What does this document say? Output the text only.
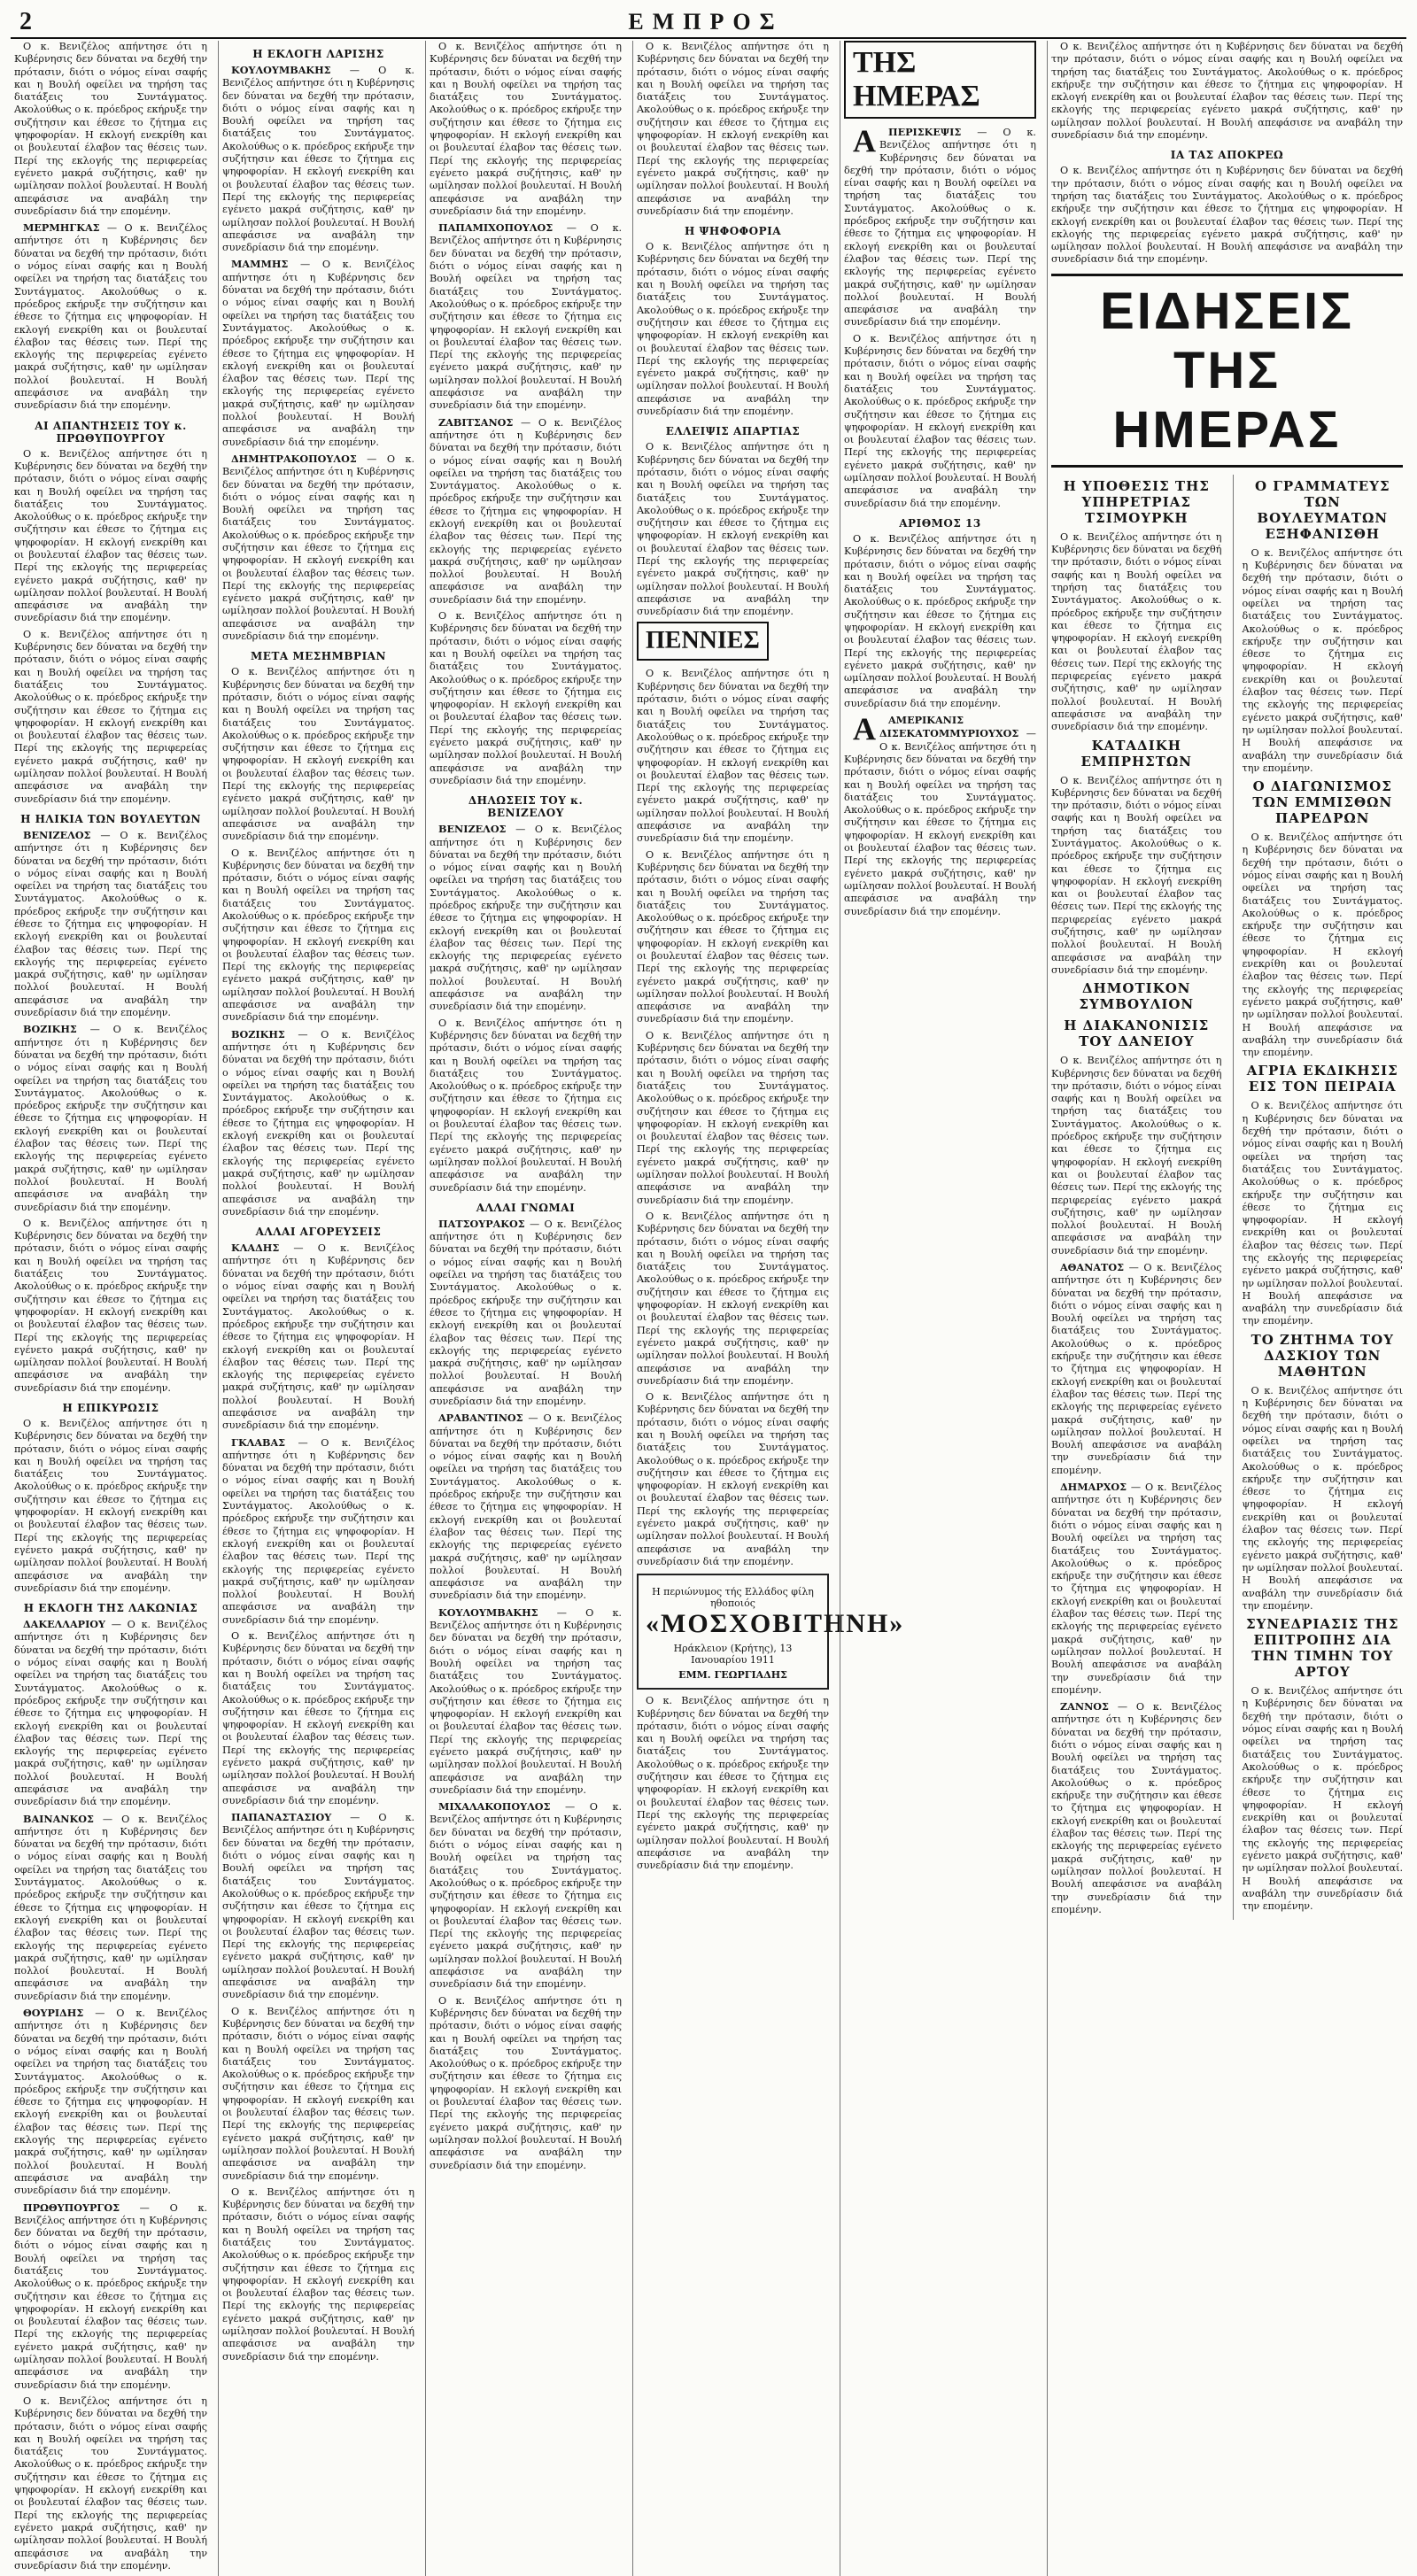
2	ΕΜΠΡΟΣ

Ο κ. Βενιζέλος απήντησε ότι η Κυβέρνησις δεν δύναται να δεχθή την πρότασιν, διότι ο νόμος είναι σαφής και η Βουλή οφείλει να τηρήση τας διατάξεις του Συντάγματος. Ακολούθως ο κ. πρόεδρος εκήρυξε την συζήτησιν και έθεσε το ζήτημα εις ψηφοφορίαν. Η εκλογή ενεκρίθη και οι βουλευταί έλαβον τας θέσεις των. Περί της εκλογής της περιφερείας εγένετο μακρά συζήτησις, καθ' ην ωμίλησαν πολλοί βουλευταί. Η Βουλή απεφάσισε να αναβάλη την συνεδρίασιν διά την επομένην.

ΜΕΡΜΗΓΚΑΣ — Ο κ. Βενιζέλος απήντησε ότι η Κυβέρνησις δεν δύναται να δεχθή την πρότασιν, διότι ο νόμος είναι σαφής και η Βουλή οφείλει να τηρήση τας διατάξεις του Συντάγματος. Ακολούθως ο κ. πρόεδρος εκήρυξε την συζήτησιν και έθεσε το ζήτημα εις ψηφοφορίαν. Η εκλογή ενεκρίθη και οι βουλευταί έλαβον τας θέσεις των. Περί της εκλογής της περιφερείας εγένετο μακρά συζήτησις, καθ' ην ωμίλησαν πολλοί βουλευταί. Η Βουλή απεφάσισε να αναβάλη την συνεδρίασιν διά την επομένην.

ΑΙ ΑΠΑΝΤΗΣΕΙΣ ΤΟΥ κ. ΠΡΩΘΥΠΟΥΡΓΟΥ

Ο κ. Βενιζέλος απήντησε ότι η Κυβέρνησις δεν δύναται να δεχθή την πρότασιν, διότι ο νόμος είναι σαφής και η Βουλή οφείλει να τηρήση τας διατάξεις του Συντάγματος. Ακολούθως ο κ. πρόεδρος εκήρυξε την συζήτησιν και έθεσε το ζήτημα εις ψηφοφορίαν. Η εκλογή ενεκρίθη και οι βουλευταί έλαβον τας θέσεις των. Περί της εκλογής της περιφερείας εγένετο μακρά συζήτησις, καθ' ην ωμίλησαν πολλοί βουλευταί. Η Βουλή απεφάσισε να αναβάλη την συνεδρίασιν διά την επομένην.

Ο κ. Βενιζέλος απήντησε ότι η Κυβέρνησις δεν δύναται να δεχθή την πρότασιν, διότι ο νόμος είναι σαφής και η Βουλή οφείλει να τηρήση τας διατάξεις του Συντάγματος. Ακολούθως ο κ. πρόεδρος εκήρυξε την συζήτησιν και έθεσε το ζήτημα εις ψηφοφορίαν. Η εκλογή ενεκρίθη και οι βουλευταί έλαβον τας θέσεις των. Περί της εκλογής της περιφερείας εγένετο μακρά συζήτησις, καθ' ην ωμίλησαν πολλοί βουλευταί. Η Βουλή απεφάσισε να αναβάλη την συνεδρίασιν διά την επομένην.

Η ΗΛΙΚΙΑ ΤΩΝ ΒΟΥΛΕΥΤΩΝ

ΒΕΝΙΖΕΛΟΣ — Ο κ. Βενιζέλος απήντησε ότι η Κυβέρνησις δεν δύναται να δεχθή την πρότασιν, διότι ο νόμος είναι σαφής και η Βουλή οφείλει να τηρήση τας διατάξεις του Συντάγματος. Ακολούθως ο κ. πρόεδρος εκήρυξε την συζήτησιν και έθεσε το ζήτημα εις ψηφοφορίαν. Η εκλογή ενεκρίθη και οι βουλευταί έλαβον τας θέσεις των. Περί της εκλογής της περιφερείας εγένετο μακρά συζήτησις, καθ' ην ωμίλησαν πολλοί βουλευταί. Η Βουλή απεφάσισε να αναβάλη την συνεδρίασιν διά την επομένην.

ΒΟΖΙΚΗΣ — Ο κ. Βενιζέλος απήντησε ότι η Κυβέρνησις δεν δύναται να δεχθή την πρότασιν, διότι ο νόμος είναι σαφής και η Βουλή οφείλει να τηρήση τας διατάξεις του Συντάγματος. Ακολούθως ο κ. πρόεδρος εκήρυξε την συζήτησιν και έθεσε το ζήτημα εις ψηφοφορίαν. Η εκλογή ενεκρίθη και οι βουλευταί έλαβον τας θέσεις των. Περί της εκλογής της περιφερείας εγένετο μακρά συζήτησις, καθ' ην ωμίλησαν πολλοί βουλευταί. Η Βουλή απεφάσισε να αναβάλη την συνεδρίασιν διά την επομένην.

Ο κ. Βενιζέλος απήντησε ότι η Κυβέρνησις δεν δύναται να δεχθή την πρότασιν, διότι ο νόμος είναι σαφής και η Βουλή οφείλει να τηρήση τας διατάξεις του Συντάγματος. Ακολούθως ο κ. πρόεδρος εκήρυξε την συζήτησιν και έθεσε το ζήτημα εις ψηφοφορίαν. Η εκλογή ενεκρίθη και οι βουλευταί έλαβον τας θέσεις των. Περί της εκλογής της περιφερείας εγένετο μακρά συζήτησις, καθ' ην ωμίλησαν πολλοί βουλευταί. Η Βουλή απεφάσισε να αναβάλη την συνεδρίασιν διά την επομένην.

Η ΕΠΙΚΥΡΩΣΙΣ

Ο κ. Βενιζέλος απήντησε ότι η Κυβέρνησις δεν δύναται να δεχθή την πρότασιν, διότι ο νόμος είναι σαφής και η Βουλή οφείλει να τηρήση τας διατάξεις του Συντάγματος. Ακολούθως ο κ. πρόεδρος εκήρυξε την συζήτησιν και έθεσε το ζήτημα εις ψηφοφορίαν. Η εκλογή ενεκρίθη και οι βουλευταί έλαβον τας θέσεις των. Περί της εκλογής της περιφερείας εγένετο μακρά συζήτησις, καθ' ην ωμίλησαν πολλοί βουλευταί. Η Βουλή απεφάσισε να αναβάλη την συνεδρίασιν διά την επομένην.

Η ΕΚΛΟΓΗ ΤΗΣ ΛΑΚΩΝΙΑΣ

ΔΑΚΕΛΛΑΡΙΟΥ — Ο κ. Βενιζέλος απήντησε ότι η Κυβέρνησις δεν δύναται να δεχθή την πρότασιν, διότι ο νόμος είναι σαφής και η Βουλή οφείλει να τηρήση τας διατάξεις του Συντάγματος. Ακολούθως ο κ. πρόεδρος εκήρυξε την συζήτησιν και έθεσε το ζήτημα εις ψηφοφορίαν. Η εκλογή ενεκρίθη και οι βουλευταί έλαβον τας θέσεις των. Περί της εκλογής της περιφερείας εγένετο μακρά συζήτησις, καθ' ην ωμίλησαν πολλοί βουλευταί. Η Βουλή απεφάσισε να αναβάλη την συνεδρίασιν διά την επομένην.

ΒΑΙΝΑΝΚΟΣ — Ο κ. Βενιζέλος απήντησε ότι η Κυβέρνησις δεν δύναται να δεχθή την πρότασιν, διότι ο νόμος είναι σαφής και η Βουλή οφείλει να τηρήση τας διατάξεις του Συντάγματος. Ακολούθως ο κ. πρόεδρος εκήρυξε την συζήτησιν και έθεσε το ζήτημα εις ψηφοφορίαν. Η εκλογή ενεκρίθη και οι βουλευταί έλαβον τας θέσεις των. Περί της εκλογής της περιφερείας εγένετο μακρά συζήτησις, καθ' ην ωμίλησαν πολλοί βουλευταί. Η Βουλή απεφάσισε να αναβάλη την συνεδρίασιν διά την επομένην.

ΘΟΥΡΙΔΗΣ — Ο κ. Βενιζέλος απήντησε ότι η Κυβέρνησις δεν δύναται να δεχθή την πρότασιν, διότι ο νόμος είναι σαφής και η Βουλή οφείλει να τηρήση τας διατάξεις του Συντάγματος. Ακολούθως ο κ. πρόεδρος εκήρυξε την συζήτησιν και έθεσε το ζήτημα εις ψηφοφορίαν. Η εκλογή ενεκρίθη και οι βουλευταί έλαβον τας θέσεις των. Περί της εκλογής της περιφερείας εγένετο μακρά συζήτησις, καθ' ην ωμίλησαν πολλοί βουλευταί. Η Βουλή απεφάσισε να αναβάλη την συνεδρίασιν διά την επομένην.

ΠΡΩΘΥΠΟΥΡΓΟΣ — Ο κ. Βενιζέλος απήντησε ότι η Κυβέρνησις δεν δύναται να δεχθή την πρότασιν, διότι ο νόμος είναι σαφής και η Βουλή οφείλει να τηρήση τας διατάξεις του Συντάγματος. Ακολούθως ο κ. πρόεδρος εκήρυξε την συζήτησιν και έθεσε το ζήτημα εις ψηφοφορίαν. Η εκλογή ενεκρίθη και οι βουλευταί έλαβον τας θέσεις των. Περί της εκλογής της περιφερείας εγένετο μακρά συζήτησις, καθ' ην ωμίλησαν πολλοί βουλευταί. Η Βουλή απεφάσισε να αναβάλη την συνεδρίασιν διά την επομένην.

Ο κ. Βενιζέλος απήντησε ότι η Κυβέρνησις δεν δύναται να δεχθή την πρότασιν, διότι ο νόμος είναι σαφής και η Βουλή οφείλει να τηρήση τας διατάξεις του Συντάγματος. Ακολούθως ο κ. πρόεδρος εκήρυξε την συζήτησιν και έθεσε το ζήτημα εις ψηφοφορίαν. Η εκλογή ενεκρίθη και οι βουλευταί έλαβον τας θέσεις των. Περί της εκλογής της περιφερείας εγένετο μακρά συζήτησις, καθ' ην ωμίλησαν πολλοί βουλευταί. Η Βουλή απεφάσισε να αναβάλη την συνεδρίασιν διά την επομένην.

Η ΕΚΛΟΓΗ ΛΑΡΙΣΗΣ

ΚΟΥΛΟΥΜΒΑΚΗΣ — Ο κ. Βενιζέλος απήντησε ότι η Κυβέρνησις δεν δύναται να δεχθή την πρότασιν, διότι ο νόμος είναι σαφής και η Βουλή οφείλει να τηρήση τας διατάξεις του Συντάγματος. Ακολούθως ο κ. πρόεδρος εκήρυξε την συζήτησιν και έθεσε το ζήτημα εις ψηφοφορίαν. Η εκλογή ενεκρίθη και οι βουλευταί έλαβον τας θέσεις των. Περί της εκλογής της περιφερείας εγένετο μακρά συζήτησις, καθ' ην ωμίλησαν πολλοί βουλευταί. Η Βουλή απεφάσισε να αναβάλη την συνεδρίασιν διά την επομένην.

ΜΑΜΜΗΣ — Ο κ. Βενιζέλος απήντησε ότι η Κυβέρνησις δεν δύναται να δεχθή την πρότασιν, διότι ο νόμος είναι σαφής και η Βουλή οφείλει να τηρήση τας διατάξεις του Συντάγματος. Ακολούθως ο κ. πρόεδρος εκήρυξε την συζήτησιν και έθεσε το ζήτημα εις ψηφοφορίαν. Η εκλογή ενεκρίθη και οι βουλευταί έλαβον τας θέσεις των. Περί της εκλογής της περιφερείας εγένετο μακρά συζήτησις, καθ' ην ωμίλησαν πολλοί βουλευταί. Η Βουλή απεφάσισε να αναβάλη την συνεδρίασιν διά την επομένην.

ΔΗΜΗΤΡΑΚΟΠΟΥΛΟΣ — Ο κ. Βενιζέλος απήντησε ότι η Κυβέρνησις δεν δύναται να δεχθή την πρότασιν, διότι ο νόμος είναι σαφής και η Βουλή οφείλει να τηρήση τας διατάξεις του Συντάγματος. Ακολούθως ο κ. πρόεδρος εκήρυξε την συζήτησιν και έθεσε το ζήτημα εις ψηφοφορίαν. Η εκλογή ενεκρίθη και οι βουλευταί έλαβον τας θέσεις των. Περί της εκλογής της περιφερείας εγένετο μακρά συζήτησις, καθ' ην ωμίλησαν πολλοί βουλευταί. Η Βουλή απεφάσισε να αναβάλη την συνεδρίασιν διά την επομένην.

ΜΕΤΑ ΜΕΣΗΜΒΡΙΑΝ

Ο κ. Βενιζέλος απήντησε ότι η Κυβέρνησις δεν δύναται να δεχθή την πρότασιν, διότι ο νόμος είναι σαφής και η Βουλή οφείλει να τηρήση τας διατάξεις του Συντάγματος. Ακολούθως ο κ. πρόεδρος εκήρυξε την συζήτησιν και έθεσε το ζήτημα εις ψηφοφορίαν. Η εκλογή ενεκρίθη και οι βουλευταί έλαβον τας θέσεις των. Περί της εκλογής της περιφερείας εγένετο μακρά συζήτησις, καθ' ην ωμίλησαν πολλοί βουλευταί. Η Βουλή απεφάσισε να αναβάλη την συνεδρίασιν διά την επομένην.

Ο κ. Βενιζέλος απήντησε ότι η Κυβέρνησις δεν δύναται να δεχθή την πρότασιν, διότι ο νόμος είναι σαφής και η Βουλή οφείλει να τηρήση τας διατάξεις του Συντάγματος. Ακολούθως ο κ. πρόεδρος εκήρυξε την συζήτησιν και έθεσε το ζήτημα εις ψηφοφορίαν. Η εκλογή ενεκρίθη και οι βουλευταί έλαβον τας θέσεις των. Περί της εκλογής της περιφερείας εγένετο μακρά συζήτησις, καθ' ην ωμίλησαν πολλοί βουλευταί. Η Βουλή απεφάσισε να αναβάλη την συνεδρίασιν διά την επομένην.

ΒΟΖΙΚΗΣ — Ο κ. Βενιζέλος απήντησε ότι η Κυβέρνησις δεν δύναται να δεχθή την πρότασιν, διότι ο νόμος είναι σαφής και η Βουλή οφείλει να τηρήση τας διατάξεις του Συντάγματος. Ακολούθως ο κ. πρόεδρος εκήρυξε την συζήτησιν και έθεσε το ζήτημα εις ψηφοφορίαν. Η εκλογή ενεκρίθη και οι βουλευταί έλαβον τας θέσεις των. Περί της εκλογής της περιφερείας εγένετο μακρά συζήτησις, καθ' ην ωμίλησαν πολλοί βουλευταί. Η Βουλή απεφάσισε να αναβάλη την συνεδρίασιν διά την επομένην.

ΑΛΛΑΙ ΑΓΟΡΕΥΣΕΙΣ

ΚΛΑΔΗΣ — Ο κ. Βενιζέλος απήντησε ότι η Κυβέρνησις δεν δύναται να δεχθή την πρότασιν, διότι ο νόμος είναι σαφής και η Βουλή οφείλει να τηρήση τας διατάξεις του Συντάγματος. Ακολούθως ο κ. πρόεδρος εκήρυξε την συζήτησιν και έθεσε το ζήτημα εις ψηφοφορίαν. Η εκλογή ενεκρίθη και οι βουλευταί έλαβον τας θέσεις των. Περί της εκλογής της περιφερείας εγένετο μακρά συζήτησις, καθ' ην ωμίλησαν πολλοί βουλευταί. Η Βουλή απεφάσισε να αναβάλη την συνεδρίασιν διά την επομένην.

ΓΚΛΑΒΑΣ — Ο κ. Βενιζέλος απήντησε ότι η Κυβέρνησις δεν δύναται να δεχθή την πρότασιν, διότι ο νόμος είναι σαφής και η Βουλή οφείλει να τηρήση τας διατάξεις του Συντάγματος. Ακολούθως ο κ. πρόεδρος εκήρυξε την συζήτησιν και έθεσε το ζήτημα εις ψηφοφορίαν. Η εκλογή ενεκρίθη και οι βουλευταί έλαβον τας θέσεις των. Περί της εκλογής της περιφερείας εγένετο μακρά συζήτησις, καθ' ην ωμίλησαν πολλοί βουλευταί. Η Βουλή απεφάσισε να αναβάλη την συνεδρίασιν διά την επομένην.

Ο κ. Βενιζέλος απήντησε ότι η Κυβέρνησις δεν δύναται να δεχθή την πρότασιν, διότι ο νόμος είναι σαφής και η Βουλή οφείλει να τηρήση τας διατάξεις του Συντάγματος. Ακολούθως ο κ. πρόεδρος εκήρυξε την συζήτησιν και έθεσε το ζήτημα εις ψηφοφορίαν. Η εκλογή ενεκρίθη και οι βουλευταί έλαβον τας θέσεις των. Περί της εκλογής της περιφερείας εγένετο μακρά συζήτησις, καθ' ην ωμίλησαν πολλοί βουλευταί. Η Βουλή απεφάσισε να αναβάλη την συνεδρίασιν διά την επομένην.

ΠΑΠΑΝΑΣΤΑΣΙΟΥ — Ο κ. Βενιζέλος απήντησε ότι η Κυβέρνησις δεν δύναται να δεχθή την πρότασιν, διότι ο νόμος είναι σαφής και η Βουλή οφείλει να τηρήση τας διατάξεις του Συντάγματος. Ακολούθως ο κ. πρόεδρος εκήρυξε την συζήτησιν και έθεσε το ζήτημα εις ψηφοφορίαν. Η εκλογή ενεκρίθη και οι βουλευταί έλαβον τας θέσεις των. Περί της εκλογής της περιφερείας εγένετο μακρά συζήτησις, καθ' ην ωμίλησαν πολλοί βουλευταί. Η Βουλή απεφάσισε να αναβάλη την συνεδρίασιν διά την επομένην.

Ο κ. Βενιζέλος απήντησε ότι η Κυβέρνησις δεν δύναται να δεχθή την πρότασιν, διότι ο νόμος είναι σαφής και η Βουλή οφείλει να τηρήση τας διατάξεις του Συντάγματος. Ακολούθως ο κ. πρόεδρος εκήρυξε την συζήτησιν και έθεσε το ζήτημα εις ψηφοφορίαν. Η εκλογή ενεκρίθη και οι βουλευταί έλαβον τας θέσεις των. Περί της εκλογής της περιφερείας εγένετο μακρά συζήτησις, καθ' ην ωμίλησαν πολλοί βουλευταί. Η Βουλή απεφάσισε να αναβάλη την συνεδρίασιν διά την επομένην.

Ο κ. Βενιζέλος απήντησε ότι η Κυβέρνησις δεν δύναται να δεχθή την πρότασιν, διότι ο νόμος είναι σαφής και η Βουλή οφείλει να τηρήση τας διατάξεις του Συντάγματος. Ακολούθως ο κ. πρόεδρος εκήρυξε την συζήτησιν και έθεσε το ζήτημα εις ψηφοφορίαν. Η εκλογή ενεκρίθη και οι βουλευταί έλαβον τας θέσεις των. Περί της εκλογής της περιφερείας εγένετο μακρά συζήτησις, καθ' ην ωμίλησαν πολλοί βουλευταί. Η Βουλή απεφάσισε να αναβάλη την συνεδρίασιν διά την επομένην.

Ο κ. Βενιζέλος απήντησε ότι η Κυβέρνησις δεν δύναται να δεχθή την πρότασιν, διότι ο νόμος είναι σαφής και η Βουλή οφείλει να τηρήση τας διατάξεις του Συντάγματος. Ακολούθως ο κ. πρόεδρος εκήρυξε την συζήτησιν και έθεσε το ζήτημα εις ψηφοφορίαν. Η εκλογή ενεκρίθη και οι βουλευταί έλαβον τας θέσεις των. Περί της εκλογής της περιφερείας εγένετο μακρά συζήτησις, καθ' ην ωμίλησαν πολλοί βουλευταί. Η Βουλή απεφάσισε να αναβάλη την συνεδρίασιν διά την επομένην.

ΠΑΠΑΜΙΧΟΠΟΥΛΟΣ — Ο κ. Βενιζέλος απήντησε ότι η Κυβέρνησις δεν δύναται να δεχθή την πρότασιν, διότι ο νόμος είναι σαφής και η Βουλή οφείλει να τηρήση τας διατάξεις του Συντάγματος. Ακολούθως ο κ. πρόεδρος εκήρυξε την συζήτησιν και έθεσε το ζήτημα εις ψηφοφορίαν. Η εκλογή ενεκρίθη και οι βουλευταί έλαβον τας θέσεις των. Περί της εκλογής της περιφερείας εγένετο μακρά συζήτησις, καθ' ην ωμίλησαν πολλοί βουλευταί. Η Βουλή απεφάσισε να αναβάλη την συνεδρίασιν διά την επομένην.

ΖΑΒΙΤΣΑΝΟΣ — Ο κ. Βενιζέλος απήντησε ότι η Κυβέρνησις δεν δύναται να δεχθή την πρότασιν, διότι ο νόμος είναι σαφής και η Βουλή οφείλει να τηρήση τας διατάξεις του Συντάγματος. Ακολούθως ο κ. πρόεδρος εκήρυξε την συζήτησιν και έθεσε το ζήτημα εις ψηφοφορίαν. Η εκλογή ενεκρίθη και οι βουλευταί έλαβον τας θέσεις των. Περί της εκλογής της περιφερείας εγένετο μακρά συζήτησις, καθ' ην ωμίλησαν πολλοί βουλευταί. Η Βουλή απεφάσισε να αναβάλη την συνεδρίασιν διά την επομένην.

Ο κ. Βενιζέλος απήντησε ότι η Κυβέρνησις δεν δύναται να δεχθή την πρότασιν, διότι ο νόμος είναι σαφής και η Βουλή οφείλει να τηρήση τας διατάξεις του Συντάγματος. Ακολούθως ο κ. πρόεδρος εκήρυξε την συζήτησιν και έθεσε το ζήτημα εις ψηφοφορίαν. Η εκλογή ενεκρίθη και οι βουλευταί έλαβον τας θέσεις των. Περί της εκλογής της περιφερείας εγένετο μακρά συζήτησις, καθ' ην ωμίλησαν πολλοί βουλευταί. Η Βουλή απεφάσισε να αναβάλη την συνεδρίασιν διά την επομένην.

ΔΗΛΩΣΕΙΣ ΤΟΥ κ. ΒΕΝΙΖΕΛΟΥ

ΒΕΝΙΖΕΛΟΣ — Ο κ. Βενιζέλος απήντησε ότι η Κυβέρνησις δεν δύναται να δεχθή την πρότασιν, διότι ο νόμος είναι σαφής και η Βουλή οφείλει να τηρήση τας διατάξεις του Συντάγματος. Ακολούθως ο κ. πρόεδρος εκήρυξε την συζήτησιν και έθεσε το ζήτημα εις ψηφοφορίαν. Η εκλογή ενεκρίθη και οι βουλευταί έλαβον τας θέσεις των. Περί της εκλογής της περιφερείας εγένετο μακρά συζήτησις, καθ' ην ωμίλησαν πολλοί βουλευταί. Η Βουλή απεφάσισε να αναβάλη την συνεδρίασιν διά την επομένην.

Ο κ. Βενιζέλος απήντησε ότι η Κυβέρνησις δεν δύναται να δεχθή την πρότασιν, διότι ο νόμος είναι σαφής και η Βουλή οφείλει να τηρήση τας διατάξεις του Συντάγματος. Ακολούθως ο κ. πρόεδρος εκήρυξε την συζήτησιν και έθεσε το ζήτημα εις ψηφοφορίαν. Η εκλογή ενεκρίθη και οι βουλευταί έλαβον τας θέσεις των. Περί της εκλογής της περιφερείας εγένετο μακρά συζήτησις, καθ' ην ωμίλησαν πολλοί βουλευταί. Η Βουλή απεφάσισε να αναβάλη την συνεδρίασιν διά την επομένην.

ΑΛΛΑΙ ΓΝΩΜΑΙ

ΠΑΤΣΟΥΡΑΚΟΣ — Ο κ. Βενιζέλος απήντησε ότι η Κυβέρνησις δεν δύναται να δεχθή την πρότασιν, διότι ο νόμος είναι σαφής και η Βουλή οφείλει να τηρήση τας διατάξεις του Συντάγματος. Ακολούθως ο κ. πρόεδρος εκήρυξε την συζήτησιν και έθεσε το ζήτημα εις ψηφοφορίαν. Η εκλογή ενεκρίθη και οι βουλευταί έλαβον τας θέσεις των. Περί της εκλογής της περιφερείας εγένετο μακρά συζήτησις, καθ' ην ωμίλησαν πολλοί βουλευταί. Η Βουλή απεφάσισε να αναβάλη την συνεδρίασιν διά την επομένην.

ΑΡΑΒΑΝΤΙΝΟΣ — Ο κ. Βενιζέλος απήντησε ότι η Κυβέρνησις δεν δύναται να δεχθή την πρότασιν, διότι ο νόμος είναι σαφής και η Βουλή οφείλει να τηρήση τας διατάξεις του Συντάγματος. Ακολούθως ο κ. πρόεδρος εκήρυξε την συζήτησιν και έθεσε το ζήτημα εις ψηφοφορίαν. Η εκλογή ενεκρίθη και οι βουλευταί έλαβον τας θέσεις των. Περί της εκλογής της περιφερείας εγένετο μακρά συζήτησις, καθ' ην ωμίλησαν πολλοί βουλευταί. Η Βουλή απεφάσισε να αναβάλη την συνεδρίασιν διά την επομένην.

ΚΟΥΛΟΥΜΒΑΚΗΣ — Ο κ. Βενιζέλος απήντησε ότι η Κυβέρνησις δεν δύναται να δεχθή την πρότασιν, διότι ο νόμος είναι σαφής και η Βουλή οφείλει να τηρήση τας διατάξεις του Συντάγματος. Ακολούθως ο κ. πρόεδρος εκήρυξε την συζήτησιν και έθεσε το ζήτημα εις ψηφοφορίαν. Η εκλογή ενεκρίθη και οι βουλευταί έλαβον τας θέσεις των. Περί της εκλογής της περιφερείας εγένετο μακρά συζήτησις, καθ' ην ωμίλησαν πολλοί βουλευταί. Η Βουλή απεφάσισε να αναβάλη την συνεδρίασιν διά την επομένην.

ΜΙΧΑΛΑΚΟΠΟΥΛΟΣ — Ο κ. Βενιζέλος απήντησε ότι η Κυβέρνησις δεν δύναται να δεχθή την πρότασιν, διότι ο νόμος είναι σαφής και η Βουλή οφείλει να τηρήση τας διατάξεις του Συντάγματος. Ακολούθως ο κ. πρόεδρος εκήρυξε την συζήτησιν και έθεσε το ζήτημα εις ψηφοφορίαν. Η εκλογή ενεκρίθη και οι βουλευταί έλαβον τας θέσεις των. Περί της εκλογής της περιφερείας εγένετο μακρά συζήτησις, καθ' ην ωμίλησαν πολλοί βουλευταί. Η Βουλή απεφάσισε να αναβάλη την συνεδρίασιν διά την επομένην.

Ο κ. Βενιζέλος απήντησε ότι η Κυβέρνησις δεν δύναται να δεχθή την πρότασιν, διότι ο νόμος είναι σαφής και η Βουλή οφείλει να τηρήση τας διατάξεις του Συντάγματος. Ακολούθως ο κ. πρόεδρος εκήρυξε την συζήτησιν και έθεσε το ζήτημα εις ψηφοφορίαν. Η εκλογή ενεκρίθη και οι βουλευταί έλαβον τας θέσεις των. Περί της εκλογής της περιφερείας εγένετο μακρά συζήτησις, καθ' ην ωμίλησαν πολλοί βουλευταί. Η Βουλή απεφάσισε να αναβάλη την συνεδρίασιν διά την επομένην.

Ο κ. Βενιζέλος απήντησε ότι η Κυβέρνησις δεν δύναται να δεχθή την πρότασιν, διότι ο νόμος είναι σαφής και η Βουλή οφείλει να τηρήση τας διατάξεις του Συντάγματος. Ακολούθως ο κ. πρόεδρος εκήρυξε την συζήτησιν και έθεσε το ζήτημα εις ψηφοφορίαν. Η εκλογή ενεκρίθη και οι βουλευταί έλαβον τας θέσεις των. Περί της εκλογής της περιφερείας εγένετο μακρά συζήτησις, καθ' ην ωμίλησαν πολλοί βουλευταί. Η Βουλή απεφάσισε να αναβάλη την συνεδρίασιν διά την επομένην.

Η ΨΗΦΟΦΟΡΙΑ

Ο κ. Βενιζέλος απήντησε ότι η Κυβέρνησις δεν δύναται να δεχθή την πρότασιν, διότι ο νόμος είναι σαφής και η Βουλή οφείλει να τηρήση τας διατάξεις του Συντάγματος. Ακολούθως ο κ. πρόεδρος εκήρυξε την συζήτησιν και έθεσε το ζήτημα εις ψηφοφορίαν. Η εκλογή ενεκρίθη και οι βουλευταί έλαβον τας θέσεις των. Περί της εκλογής της περιφερείας εγένετο μακρά συζήτησις, καθ' ην ωμίλησαν πολλοί βουλευταί. Η Βουλή απεφάσισε να αναβάλη την συνεδρίασιν διά την επομένην.

ΕΛΛΕΙΨΙΣ ΑΠΑΡΤΙΑΣ

Ο κ. Βενιζέλος απήντησε ότι η Κυβέρνησις δεν δύναται να δεχθή την πρότασιν, διότι ο νόμος είναι σαφής και η Βουλή οφείλει να τηρήση τας διατάξεις του Συντάγματος. Ακολούθως ο κ. πρόεδρος εκήρυξε την συζήτησιν και έθεσε το ζήτημα εις ψηφοφορίαν. Η εκλογή ενεκρίθη και οι βουλευταί έλαβον τας θέσεις των. Περί της εκλογής της περιφερείας εγένετο μακρά συζήτησις, καθ' ην ωμίλησαν πολλοί βουλευταί. Η Βουλή απεφάσισε να αναβάλη την συνεδρίασιν διά την επομένην.

ΠΕΝΝΙΕΣ

Ο κ. Βενιζέλος απήντησε ότι η Κυβέρνησις δεν δύναται να δεχθή την πρότασιν, διότι ο νόμος είναι σαφής και η Βουλή οφείλει να τηρήση τας διατάξεις του Συντάγματος. Ακολούθως ο κ. πρόεδρος εκήρυξε την συζήτησιν και έθεσε το ζήτημα εις ψηφοφορίαν. Η εκλογή ενεκρίθη και οι βουλευταί έλαβον τας θέσεις των. Περί της εκλογής της περιφερείας εγένετο μακρά συζήτησις, καθ' ην ωμίλησαν πολλοί βουλευταί. Η Βουλή απεφάσισε να αναβάλη την συνεδρίασιν διά την επομένην.

Ο κ. Βενιζέλος απήντησε ότι η Κυβέρνησις δεν δύναται να δεχθή την πρότασιν, διότι ο νόμος είναι σαφής και η Βουλή οφείλει να τηρήση τας διατάξεις του Συντάγματος. Ακολούθως ο κ. πρόεδρος εκήρυξε την συζήτησιν και έθεσε το ζήτημα εις ψηφοφορίαν. Η εκλογή ενεκρίθη και οι βουλευταί έλαβον τας θέσεις των. Περί της εκλογής της περιφερείας εγένετο μακρά συζήτησις, καθ' ην ωμίλησαν πολλοί βουλευταί. Η Βουλή απεφάσισε να αναβάλη την συνεδρίασιν διά την επομένην.

Ο κ. Βενιζέλος απήντησε ότι η Κυβέρνησις δεν δύναται να δεχθή την πρότασιν, διότι ο νόμος είναι σαφής και η Βουλή οφείλει να τηρήση τας διατάξεις του Συντάγματος. Ακολούθως ο κ. πρόεδρος εκήρυξε την συζήτησιν και έθεσε το ζήτημα εις ψηφοφορίαν. Η εκλογή ενεκρίθη και οι βουλευταί έλαβον τας θέσεις των. Περί της εκλογής της περιφερείας εγένετο μακρά συζήτησις, καθ' ην ωμίλησαν πολλοί βουλευταί. Η Βουλή απεφάσισε να αναβάλη την συνεδρίασιν διά την επομένην.

Ο κ. Βενιζέλος απήντησε ότι η Κυβέρνησις δεν δύναται να δεχθή την πρότασιν, διότι ο νόμος είναι σαφής και η Βουλή οφείλει να τηρήση τας διατάξεις του Συντάγματος. Ακολούθως ο κ. πρόεδρος εκήρυξε την συζήτησιν και έθεσε το ζήτημα εις ψηφοφορίαν. Η εκλογή ενεκρίθη και οι βουλευταί έλαβον τας θέσεις των. Περί της εκλογής της περιφερείας εγένετο μακρά συζήτησις, καθ' ην ωμίλησαν πολλοί βουλευταί. Η Βουλή απεφάσισε να αναβάλη την συνεδρίασιν διά την επομένην.

Ο κ. Βενιζέλος απήντησε ότι η Κυβέρνησις δεν δύναται να δεχθή την πρότασιν, διότι ο νόμος είναι σαφής και η Βουλή οφείλει να τηρήση τας διατάξεις του Συντάγματος. Ακολούθως ο κ. πρόεδρος εκήρυξε την συζήτησιν και έθεσε το ζήτημα εις ψηφοφορίαν. Η εκλογή ενεκρίθη και οι βουλευταί έλαβον τας θέσεις των. Περί της εκλογής της περιφερείας εγένετο μακρά συζήτησις, καθ' ην ωμίλησαν πολλοί βουλευταί. Η Βουλή απεφάσισε να αναβάλη την συνεδρίασιν διά την επομένην.

Η περιώνυμος τής Ελλάδος φίλη ηθοποιός
«ΜΟΣΧΟΒΙΤΗΝΗ»
Ηράκλειον (Κρήτης), 13 Ιανουαρίου 1911
ΕΜΜ. ΓΕΩΡΓΙΑΔΗΣ

Ο κ. Βενιζέλος απήντησε ότι η Κυβέρνησις δεν δύναται να δεχθή την πρότασιν, διότι ο νόμος είναι σαφής και η Βουλή οφείλει να τηρήση τας διατάξεις του Συντάγματος. Ακολούθως ο κ. πρόεδρος εκήρυξε την συζήτησιν και έθεσε το ζήτημα εις ψηφοφορίαν. Η εκλογή ενεκρίθη και οι βουλευταί έλαβον τας θέσεις των. Περί της εκλογής της περιφερείας εγένετο μακρά συζήτησις, καθ' ην ωμίλησαν πολλοί βουλευταί. Η Βουλή απεφάσισε να αναβάλη την συνεδρίασιν διά την επομένην.

ΤΗΣ ΗΜΕΡΑΣ

Α ΠΕΡΙΣΚΕΨΙΣ — Ο κ. Βενιζέλος απήντησε ότι η Κυβέρνησις δεν δύναται να δεχθή την πρότασιν, διότι ο νόμος είναι σαφής και η Βουλή οφείλει να τηρήση τας διατάξεις του Συντάγματος. Ακολούθως ο κ. πρόεδρος εκήρυξε την συζήτησιν και έθεσε το ζήτημα εις ψηφοφορίαν. Η εκλογή ενεκρίθη και οι βουλευταί έλαβον τας θέσεις των. Περί της εκλογής της περιφερείας εγένετο μακρά συζήτησις, καθ' ην ωμίλησαν πολλοί βουλευταί. Η Βουλή απεφάσισε να αναβάλη την συνεδρίασιν διά την επομένην.

Ο κ. Βενιζέλος απήντησε ότι η Κυβέρνησις δεν δύναται να δεχθή την πρότασιν, διότι ο νόμος είναι σαφής και η Βουλή οφείλει να τηρήση τας διατάξεις του Συντάγματος. Ακολούθως ο κ. πρόεδρος εκήρυξε την συζήτησιν και έθεσε το ζήτημα εις ψηφοφορίαν. Η εκλογή ενεκρίθη και οι βουλευταί έλαβον τας θέσεις των. Περί της εκλογής της περιφερείας εγένετο μακρά συζήτησις, καθ' ην ωμίλησαν πολλοί βουλευταί. Η Βουλή απεφάσισε να αναβάλη την συνεδρίασιν διά την επομένην.

ΑΡΙΘΜΟΣ 13

Ο κ. Βενιζέλος απήντησε ότι η Κυβέρνησις δεν δύναται να δεχθή την πρότασιν, διότι ο νόμος είναι σαφής και η Βουλή οφείλει να τηρήση τας διατάξεις του Συντάγματος. Ακολούθως ο κ. πρόεδρος εκήρυξε την συζήτησιν και έθεσε το ζήτημα εις ψηφοφορίαν. Η εκλογή ενεκρίθη και οι βουλευταί έλαβον τας θέσεις των. Περί της εκλογής της περιφερείας εγένετο μακρά συζήτησις, καθ' ην ωμίλησαν πολλοί βουλευταί. Η Βουλή απεφάσισε να αναβάλη την συνεδρίασιν διά την επομένην.

Α ΑΜΕΡΙΚΑΝΙΣ ΔΙΣΕΚΑΤΟΜΜΥΡΙΟΥΧΟΣ — Ο κ. Βενιζέλος απήντησε ότι η Κυβέρνησις δεν δύναται να δεχθή την πρότασιν, διότι ο νόμος είναι σαφής και η Βουλή οφείλει να τηρήση τας διατάξεις του Συντάγματος. Ακολούθως ο κ. πρόεδρος εκήρυξε την συζήτησιν και έθεσε το ζήτημα εις ψηφοφορίαν. Η εκλογή ενεκρίθη και οι βουλευταί έλαβον τας θέσεις των. Περί της εκλογής της περιφερείας εγένετο μακρά συζήτησις, καθ' ην ωμίλησαν πολλοί βουλευταί. Η Βουλή απεφάσισε να αναβάλη την συνεδρίασιν διά την επομένην.

Ο κ. Βενιζέλος απήντησε ότι η Κυβέρνησις δεν δύναται να δεχθή την πρότασιν, διότι ο νόμος είναι σαφής και η Βουλή οφείλει να τηρήση τας διατάξεις του Συντάγματος. Ακολούθως ο κ. πρόεδρος εκήρυξε την συζήτησιν και έθεσε το ζήτημα εις ψηφοφορίαν. Η εκλογή ενεκρίθη και οι βουλευταί έλαβον τας θέσεις των. Περί της εκλογής της περιφερείας εγένετο μακρά συζήτησις, καθ' ην ωμίλησαν πολλοί βουλευταί. Η Βουλή απεφάσισε να αναβάλη την συνεδρίασιν διά την επομένην.

ΙΑ ΤΑΣ ΑΠΟΚΡΕΩ

Ο κ. Βενιζέλος απήντησε ότι η Κυβέρνησις δεν δύναται να δεχθή την πρότασιν, διότι ο νόμος είναι σαφής και η Βουλή οφείλει να τηρήση τας διατάξεις του Συντάγματος. Ακολούθως ο κ. πρόεδρος εκήρυξε την συζήτησιν και έθεσε το ζήτημα εις ψηφοφορίαν. Η εκλογή ενεκρίθη και οι βουλευταί έλαβον τας θέσεις των. Περί της εκλογής της περιφερείας εγένετο μακρά συζήτησις, καθ' ην ωμίλησαν πολλοί βουλευταί. Η Βουλή απεφάσισε να αναβάλη την συνεδρίασιν διά την επομένην.

ΕΙΔΗΣΕΙΣ ΤΗΣ ΗΜΕΡΑΣ
Η ΥΠΟΘΕΣΙΣ ΤΗΣ ΥΠΗΡΕΤΡΙΑΣ ΤΣΙΜΟΥΡΚΗ

Ο κ. Βενιζέλος απήντησε ότι η Κυβέρνησις δεν δύναται να δεχθή την πρότασιν, διότι ο νόμος είναι σαφής και η Βουλή οφείλει να τηρήση τας διατάξεις του Συντάγματος. Ακολούθως ο κ. πρόεδρος εκήρυξε την συζήτησιν και έθεσε το ζήτημα εις ψηφοφορίαν. Η εκλογή ενεκρίθη και οι βουλευταί έλαβον τας θέσεις των. Περί της εκλογής της περιφερείας εγένετο μακρά συζήτησις, καθ' ην ωμίλησαν πολλοί βουλευταί. Η Βουλή απεφάσισε να αναβάλη την συνεδρίασιν διά την επομένην.

ΚΑΤΑΔΙΚΗ ΕΜΠΡΗΣΤΩΝ

Ο κ. Βενιζέλος απήντησε ότι η Κυβέρνησις δεν δύναται να δεχθή την πρότασιν, διότι ο νόμος είναι σαφής και η Βουλή οφείλει να τηρήση τας διατάξεις του Συντάγματος. Ακολούθως ο κ. πρόεδρος εκήρυξε την συζήτησιν και έθεσε το ζήτημα εις ψηφοφορίαν. Η εκλογή ενεκρίθη και οι βουλευταί έλαβον τας θέσεις των. Περί της εκλογής της περιφερείας εγένετο μακρά συζήτησις, καθ' ην ωμίλησαν πολλοί βουλευταί. Η Βουλή απεφάσισε να αναβάλη την συνεδρίασιν διά την επομένην.

ΔΗΜΟΤΙΚΟΝ ΣΥΜΒΟΥΛΙΟΝ
Η ΔΙΑΚΑΝΟΝΙΣΙΣ ΤΟΥ ΔΑΝΕΙΟΥ

Ο κ. Βενιζέλος απήντησε ότι η Κυβέρνησις δεν δύναται να δεχθή την πρότασιν, διότι ο νόμος είναι σαφής και η Βουλή οφείλει να τηρήση τας διατάξεις του Συντάγματος. Ακολούθως ο κ. πρόεδρος εκήρυξε την συζήτησιν και έθεσε το ζήτημα εις ψηφοφορίαν. Η εκλογή ενεκρίθη και οι βουλευταί έλαβον τας θέσεις των. Περί της εκλογής της περιφερείας εγένετο μακρά συζήτησις, καθ' ην ωμίλησαν πολλοί βουλευταί. Η Βουλή απεφάσισε να αναβάλη την συνεδρίασιν διά την επομένην.

ΑΘΑΝΑΤΟΣ — Ο κ. Βενιζέλος απήντησε ότι η Κυβέρνησις δεν δύναται να δεχθή την πρότασιν, διότι ο νόμος είναι σαφής και η Βουλή οφείλει να τηρήση τας διατάξεις του Συντάγματος. Ακολούθως ο κ. πρόεδρος εκήρυξε την συζήτησιν και έθεσε το ζήτημα εις ψηφοφορίαν. Η εκλογή ενεκρίθη και οι βουλευταί έλαβον τας θέσεις των. Περί της εκλογής της περιφερείας εγένετο μακρά συζήτησις, καθ' ην ωμίλησαν πολλοί βουλευταί. Η Βουλή απεφάσισε να αναβάλη την συνεδρίασιν διά την επομένην.

ΔΗΜΑΡΧΟΣ — Ο κ. Βενιζέλος απήντησε ότι η Κυβέρνησις δεν δύναται να δεχθή την πρότασιν, διότι ο νόμος είναι σαφής και η Βουλή οφείλει να τηρήση τας διατάξεις του Συντάγματος. Ακολούθως ο κ. πρόεδρος εκήρυξε την συζήτησιν και έθεσε το ζήτημα εις ψηφοφορίαν. Η εκλογή ενεκρίθη και οι βουλευταί έλαβον τας θέσεις των. Περί της εκλογής της περιφερείας εγένετο μακρά συζήτησις, καθ' ην ωμίλησαν πολλοί βουλευταί. Η Βουλή απεφάσισε να αναβάλη την συνεδρίασιν διά την επομένην.

ΖΑΝΝΟΣ — Ο κ. Βενιζέλος απήντησε ότι η Κυβέρνησις δεν δύναται να δεχθή την πρότασιν, διότι ο νόμος είναι σαφής και η Βουλή οφείλει να τηρήση τας διατάξεις του Συντάγματος. Ακολούθως ο κ. πρόεδρος εκήρυξε την συζήτησιν και έθεσε το ζήτημα εις ψηφοφορίαν. Η εκλογή ενεκρίθη και οι βουλευταί έλαβον τας θέσεις των. Περί της εκλογής της περιφερείας εγένετο μακρά συζήτησις, καθ' ην ωμίλησαν πολλοί βουλευταί. Η Βουλή απεφάσισε να αναβάλη την συνεδρίασιν διά την επομένην.

Ο ΓΡΑΜΜΑΤΕΥΣ ΤΩΝ ΒΟΥΛΕΥΜΑΤΩΝ ΕΞΗΦΑΝΙΣΘΗ

Ο κ. Βενιζέλος απήντησε ότι η Κυβέρνησις δεν δύναται να δεχθή την πρότασιν, διότι ο νόμος είναι σαφής και η Βουλή οφείλει να τηρήση τας διατάξεις του Συντάγματος. Ακολούθως ο κ. πρόεδρος εκήρυξε την συζήτησιν και έθεσε το ζήτημα εις ψηφοφορίαν. Η εκλογή ενεκρίθη και οι βουλευταί έλαβον τας θέσεις των. Περί της εκλογής της περιφερείας εγένετο μακρά συζήτησις, καθ' ην ωμίλησαν πολλοί βουλευταί. Η Βουλή απεφάσισε να αναβάλη την συνεδρίασιν διά την επομένην.

Ο ΔΙΑΓΩΝΙΣΜΟΣ ΤΩΝ ΕΜΜΙΣΘΩΝ ΠΑΡΕΔΡΩΝ

Ο κ. Βενιζέλος απήντησε ότι η Κυβέρνησις δεν δύναται να δεχθή την πρότασιν, διότι ο νόμος είναι σαφής και η Βουλή οφείλει να τηρήση τας διατάξεις του Συντάγματος. Ακολούθως ο κ. πρόεδρος εκήρυξε την συζήτησιν και έθεσε το ζήτημα εις ψηφοφορίαν. Η εκλογή ενεκρίθη και οι βουλευταί έλαβον τας θέσεις των. Περί της εκλογής της περιφερείας εγένετο μακρά συζήτησις, καθ' ην ωμίλησαν πολλοί βουλευταί. Η Βουλή απεφάσισε να αναβάλη την συνεδρίασιν διά την επομένην.

ΑΓΡΙΑ ΕΚΔΙΚΗΣΙΣ ΕΙΣ ΤΟΝ ΠΕΙΡΑΙΑ

Ο κ. Βενιζέλος απήντησε ότι η Κυβέρνησις δεν δύναται να δεχθή την πρότασιν, διότι ο νόμος είναι σαφής και η Βουλή οφείλει να τηρήση τας διατάξεις του Συντάγματος. Ακολούθως ο κ. πρόεδρος εκήρυξε την συζήτησιν και έθεσε το ζήτημα εις ψηφοφορίαν. Η εκλογή ενεκρίθη και οι βουλευταί έλαβον τας θέσεις των. Περί της εκλογής της περιφερείας εγένετο μακρά συζήτησις, καθ' ην ωμίλησαν πολλοί βουλευταί. Η Βουλή απεφάσισε να αναβάλη την συνεδρίασιν διά την επομένην.

ΤΟ ΖΗΤΗΜΑ ΤΟΥ ΔΑΣΚΙΟΥ ΤΩΝ ΜΑΘΗΤΩΝ

Ο κ. Βενιζέλος απήντησε ότι η Κυβέρνησις δεν δύναται να δεχθή την πρότασιν, διότι ο νόμος είναι σαφής και η Βουλή οφείλει να τηρήση τας διατάξεις του Συντάγματος. Ακολούθως ο κ. πρόεδρος εκήρυξε την συζήτησιν και έθεσε το ζήτημα εις ψηφοφορίαν. Η εκλογή ενεκρίθη και οι βουλευταί έλαβον τας θέσεις των. Περί της εκλογής της περιφερείας εγένετο μακρά συζήτησις, καθ' ην ωμίλησαν πολλοί βουλευταί. Η Βουλή απεφάσισε να αναβάλη την συνεδρίασιν διά την επομένην.

ΣΥΝΕΔΡΙΑΣΙΣ ΤΗΣ ΕΠΙΤΡΟΠΗΣ ΔΙΑ ΤΗΝ ΤΙΜΗΝ ΤΟΥ ΑΡΤΟΥ

Ο κ. Βενιζέλος απήντησε ότι η Κυβέρνησις δεν δύναται να δεχθή την πρότασιν, διότι ο νόμος είναι σαφής και η Βουλή οφείλει να τηρήση τας διατάξεις του Συντάγματος. Ακολούθως ο κ. πρόεδρος εκήρυξε την συζήτησιν και έθεσε το ζήτημα εις ψηφοφορίαν. Η εκλογή ενεκρίθη και οι βουλευταί έλαβον τας θέσεις των. Περί της εκλογής της περιφερείας εγένετο μακρά συζήτησις, καθ' ην ωμίλησαν πολλοί βουλευταί. Η Βουλή απεφάσισε να αναβάλη την συνεδρίασιν διά την επομένην.
